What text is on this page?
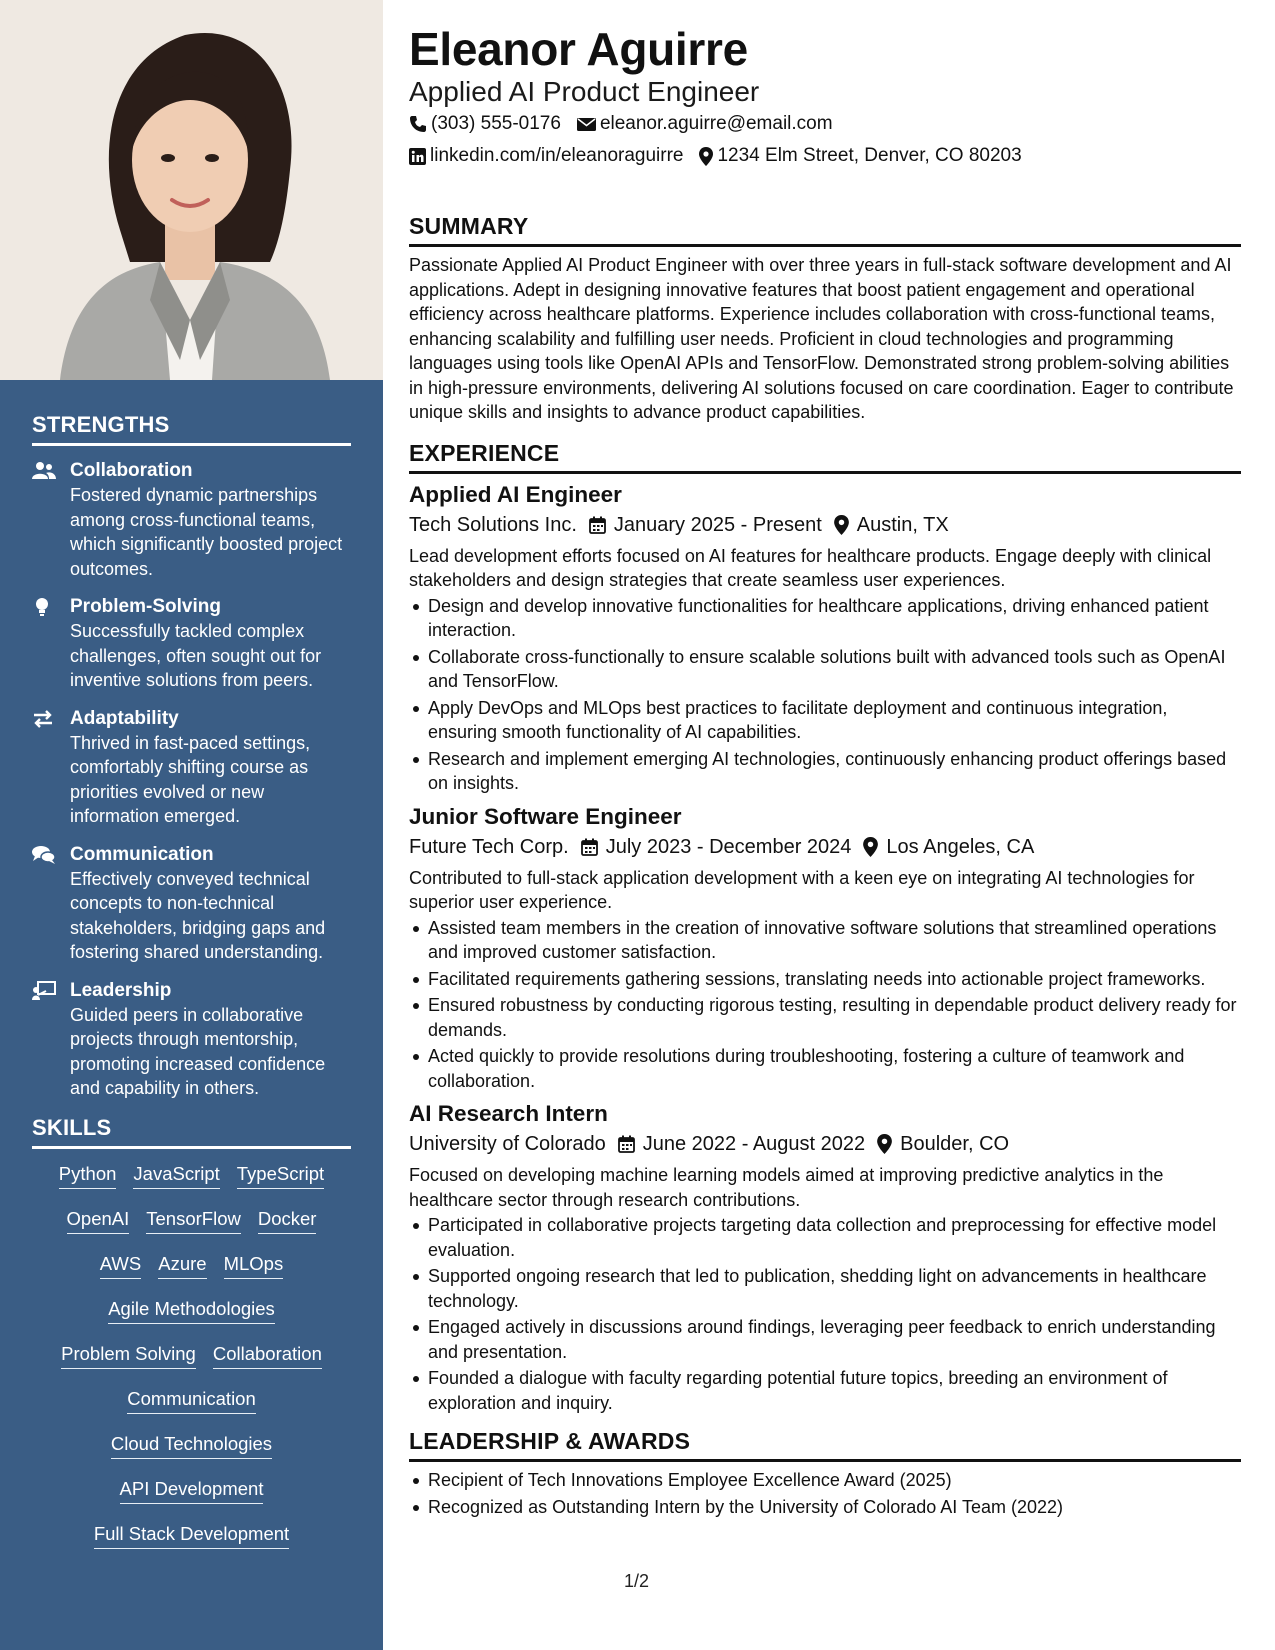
STRENGTHS
Collaboration
Fostered dynamic partnerships among cross-functional teams, which significantly boosted project outcomes.
Problem-Solving
Successfully tackled complex challenges, often sought out for inventive solutions from peers.
Adaptability
Thrived in fast-paced settings, comfortably shifting course as priorities evolved or new information emerged.
Communication
Effectively conveyed technical concepts to non-technical stakeholders, bridging gaps and fostering shared understanding.
Leadership
Guided peers in collaborative projects through mentorship, promoting increased confidence and capability in others.
SKILLS
Python JavaScript TypeScript
OpenAI TensorFlow Docker
AWS Azure MLOps
Agile Methodologies
Problem Solving Collaboration
Communication
Cloud Technologies
API Development
Full Stack Development
Eleanor Aguirre
Applied AI Product Engineer
(303) 555-0176 eleanor.aguirre@email.com
linkedin.com/in/eleanoraguirre 1234 Elm Street, Denver, CO 80203
SUMMARY

Passionate Applied AI Product Engineer with over three years in full-stack software development and AI applications. Adept in designing innovative features that boost patient engagement and operational efficiency across healthcare platforms. Experience includes collaboration with cross-functional teams, enhancing scalability and fulfilling user needs. Proficient in cloud technologies and programming languages using tools like OpenAI APIs and TensorFlow. Demonstrated strong problem-solving abilities in high-pressure environments, delivering AI solutions focused on care coordination. Eager to contribute unique skills and insights to advance product capabilities.

EXPERIENCE
Applied AI Engineer
Tech Solutions Inc. January 2025 - Present Austin, TX
Lead development efforts focused on AI features for healthcare products. Engage deeply with clinical stakeholders and design strategies that create seamless user experiences.
Design and develop innovative functionalities for healthcare applications, driving enhanced patient interaction.
Collaborate cross-functionally to ensure scalable solutions built with advanced tools such as OpenAI and TensorFlow.
Apply DevOps and MLOps best practices to facilitate deployment and continuous integration, ensuring smooth functionality of AI capabilities.
Research and implement emerging AI technologies, continuously enhancing product offerings based on insights.
Junior Software Engineer
Future Tech Corp. July 2023 - December 2024 Los Angeles, CA
Contributed to full-stack application development with a keen eye on integrating AI technologies for superior user experience.
Assisted team members in the creation of innovative software solutions that streamlined operations and improved customer satisfaction.
Facilitated requirements gathering sessions, translating needs into actionable project frameworks.
Ensured robustness by conducting rigorous testing, resulting in dependable product delivery ready for demands.
Acted quickly to provide resolutions during troubleshooting, fostering a culture of teamwork and collaboration.
AI Research Intern
University of Colorado June 2022 - August 2022 Boulder, CO
Focused on developing machine learning models aimed at improving predictive analytics in the healthcare sector through research contributions.
Participated in collaborative projects targeting data collection and preprocessing for effective model evaluation.
Supported ongoing research that led to publication, shedding light on advancements in healthcare technology.
Engaged actively in discussions around findings, leveraging peer feedback to enrich understanding and presentation.
Founded a dialogue with faculty regarding potential future topics, breeding an environment of exploration and inquiry.
LEADERSHIP & AWARDS
Recipient of Tech Innovations Employee Excellence Award (2025)
Recognized as Outstanding Intern by the University of Colorado AI Team (2022)
1/2
